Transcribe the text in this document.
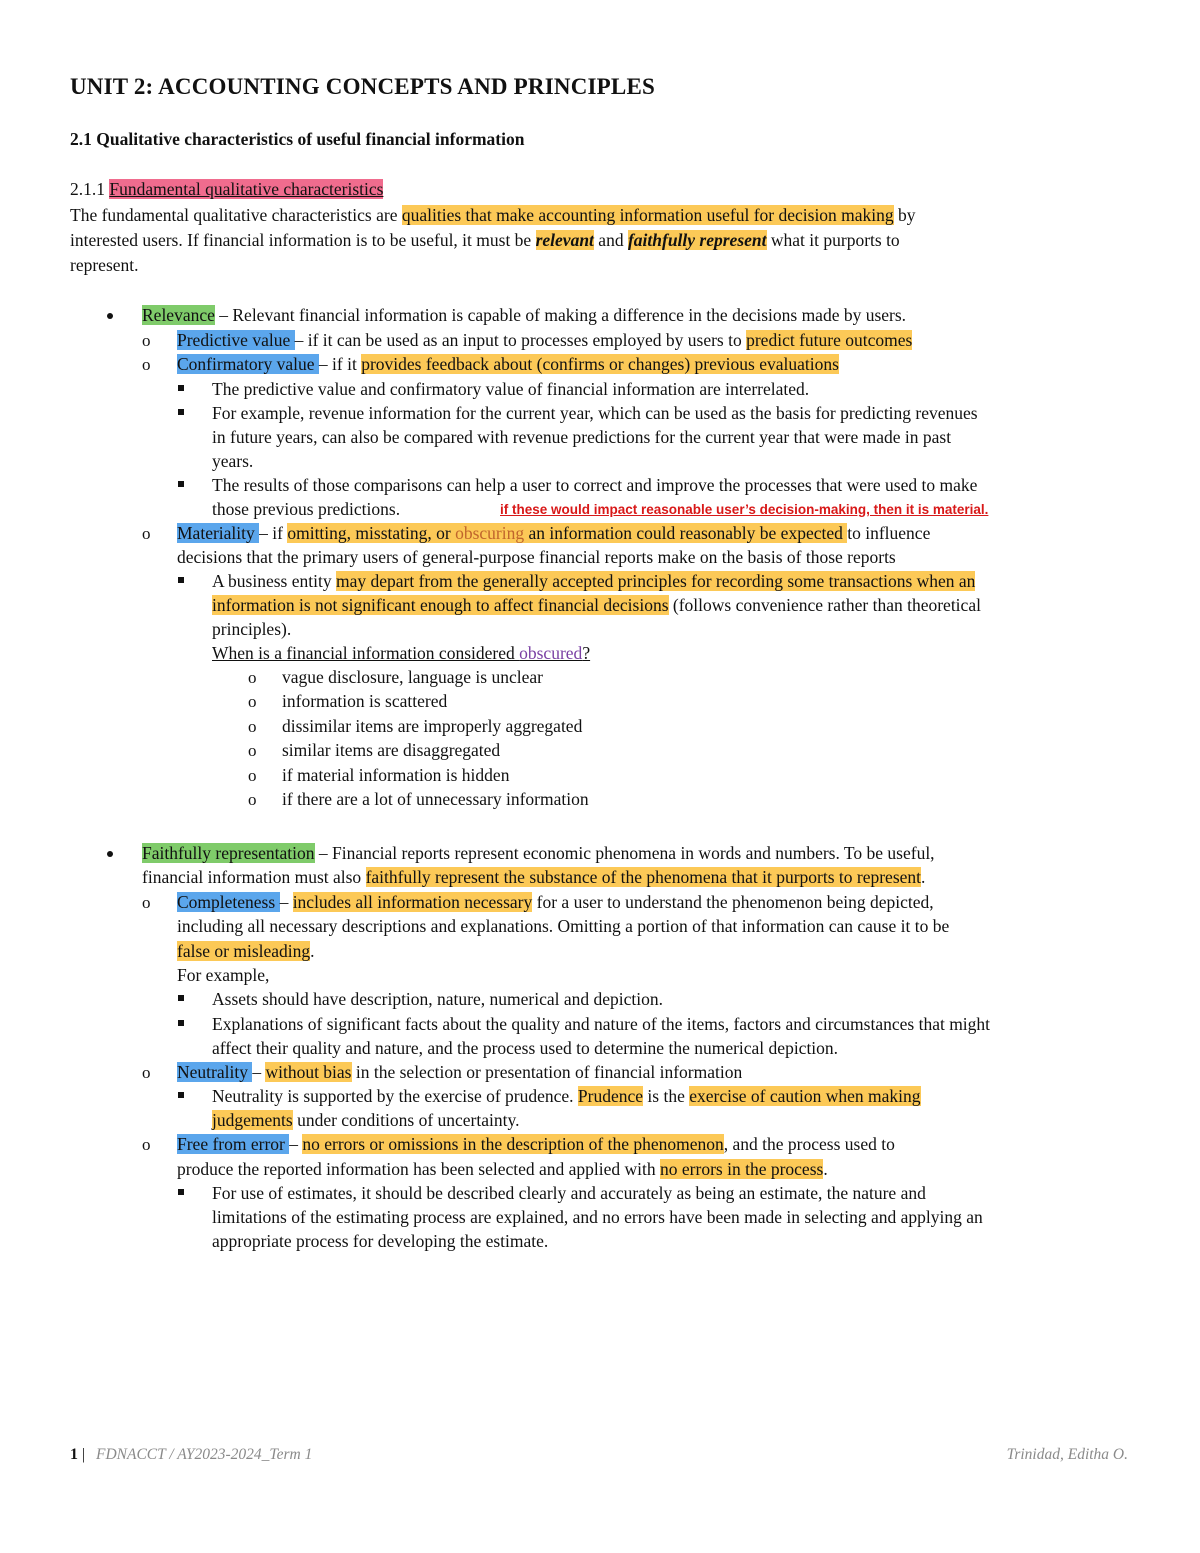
UNIT 2: ACCOUNTING CONCEPTS AND PRINCIPLES
2.1 Qualitative characteristics of useful financial information
2.1.1 Fundamental qualitative characteristics
The fundamental qualitative characteristics are qualities that make accounting information useful for decision making by
interested users. If financial information is to be useful, it must be relevant and faithfully represent what it purports to
represent.
Relevance – Relevant financial information is capable of making a difference in the decisions made by users.
o Predictive value – if it can be used as an input to processes employed by users to predict future outcomes
o Confirmatory value – if it provides feedback about (confirms or changes) previous evaluations
The predictive value and confirmatory value of financial information are interrelated.
For example, revenue information for the current year, which can be used as the basis for predicting revenues
in future years, can also be compared with revenue predictions for the current year that were made in past
years.
The results of those comparisons can help a user to correct and improve the processes that were used to make
those previous predictions.	if these would impact reasonable user’s decision-making, then it is material.
o Materiality – if omitting, misstating, or obscuring an information could reasonably be expected to influence
decisions that the primary users of general-purpose financial reports make on the basis of those reports
A business entity may depart from the generally accepted principles for recording some transactions when an
information is not significant enough to affect financial decisions (follows convenience rather than theoretical
principles).
When is a financial information considered obscured?
o vague disclosure, language is unclear
o information is scattered
o dissimilar items are improperly aggregated
o similar items are disaggregated
o if material information is hidden
o if there are a lot of unnecessary information
Faithfully representation – Financial reports represent economic phenomena in words and numbers. To be useful,
financial information must also faithfully represent the substance of the phenomena that it purports to represent.
o Completeness – includes all information necessary for a user to understand the phenomenon being depicted,
including all necessary descriptions and explanations. Omitting a portion of that information can cause it to be
false or misleading.
For example,
Assets should have description, nature, numerical and depiction.
Explanations of significant facts about the quality and nature of the items, factors and circumstances that might
affect their quality and nature, and the process used to determine the numerical depiction.
o Neutrality – without bias in the selection or presentation of financial information
Neutrality is supported by the exercise of prudence. Prudence is the exercise of caution when making
judgements under conditions of uncertainty.
o Free from error – no errors or omissions in the description of the phenomenon, and the process used to
produce the reported information has been selected and applied with no errors in the process.
For use of estimates, it should be described clearly and accurately as being an estimate, the nature and
limitations of the estimating process are explained, and no errors have been made in selecting and applying an
appropriate process for developing the estimate.
1 | FDNACCT / AY2023-2024_Term 1	Trinidad, Editha O.
